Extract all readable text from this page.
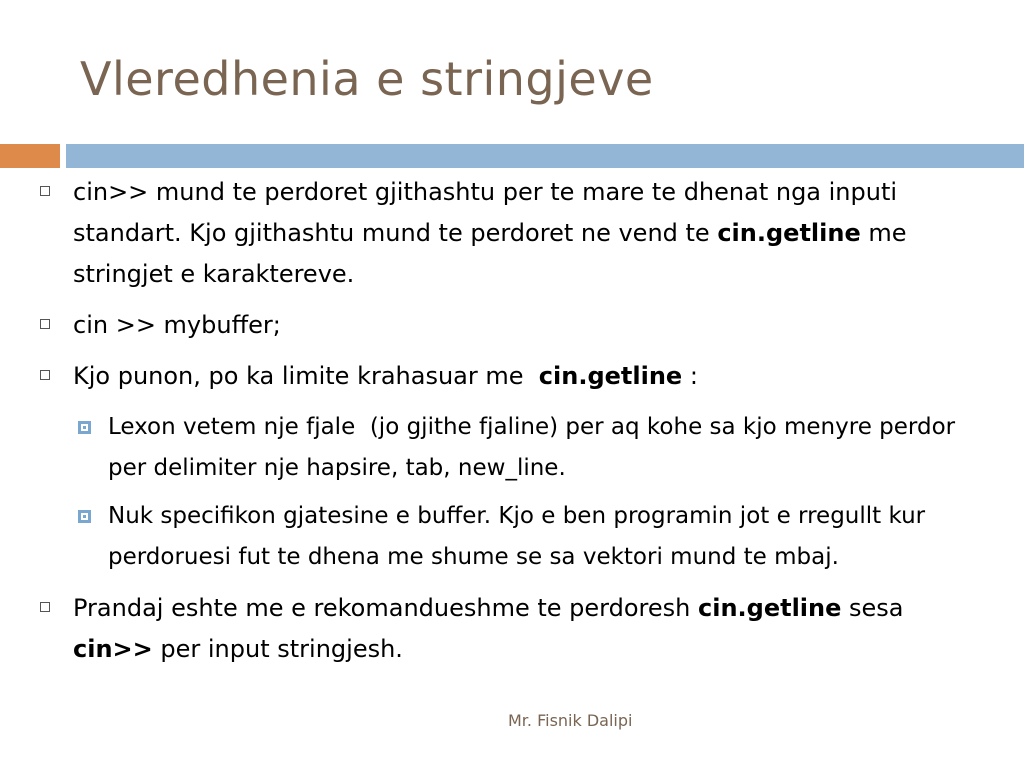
Vleredhenia e stringjeve
cin>> mund te perdoret gjithashtu per te mare te dhenat nga inputi standart. Kjo gjithashtu mund te perdoret ne vend te cin.getline me stringjet e karaktereve.
cin >> mybuffer;
Kjo punon, po ka limite krahasuar me  cin.getline :
Lexon vetem nje fjale  (jo gjithe fjaline) per aq kohe sa kjo menyre perdor per delimiter nje hapsire, tab, new_line.
Nuk specifikon gjatesine e buffer. Kjo e ben programin jot e rregullt kur perdoruesi fut te dhena me shume se sa vektori mund te mbaj.
Prandaj eshte me e rekomandueshme te perdoresh cin.getline sesa cin>> per input stringjesh.
Mr. Fisnik Dalipi
